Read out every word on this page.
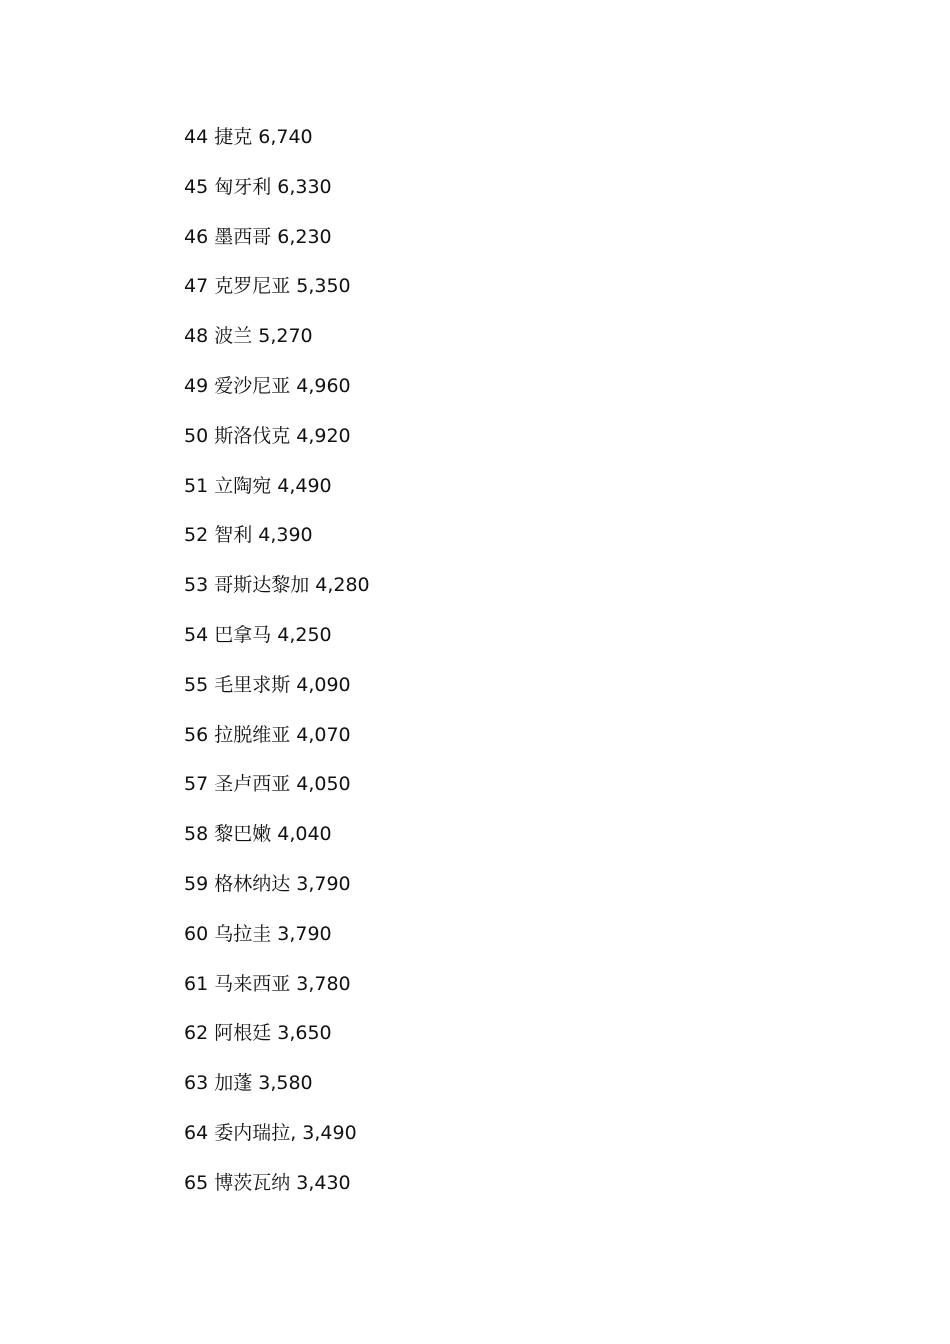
44 捷克 6,740
45 匈牙利 6,330
46 墨西哥 6,230
47 克罗尼亚 5,350
48 波兰 5,270
49 爱沙尼亚 4,960
50 斯洛伐克 4,920
51 立陶宛 4,490
52 智利 4,390
53 哥斯达黎加 4,280
54 巴拿马 4,250
55 毛里求斯 4,090
56 拉脱维亚 4,070
57 圣卢西亚 4,050
58 黎巴嫩 4,040
59 格林纳达 3,790
60 乌拉圭 3,790
61 马来西亚 3,780
62 阿根廷 3,650
63 加蓬 3,580
64 委内瑞拉, 3,490
65 博茨瓦纳 3,430
